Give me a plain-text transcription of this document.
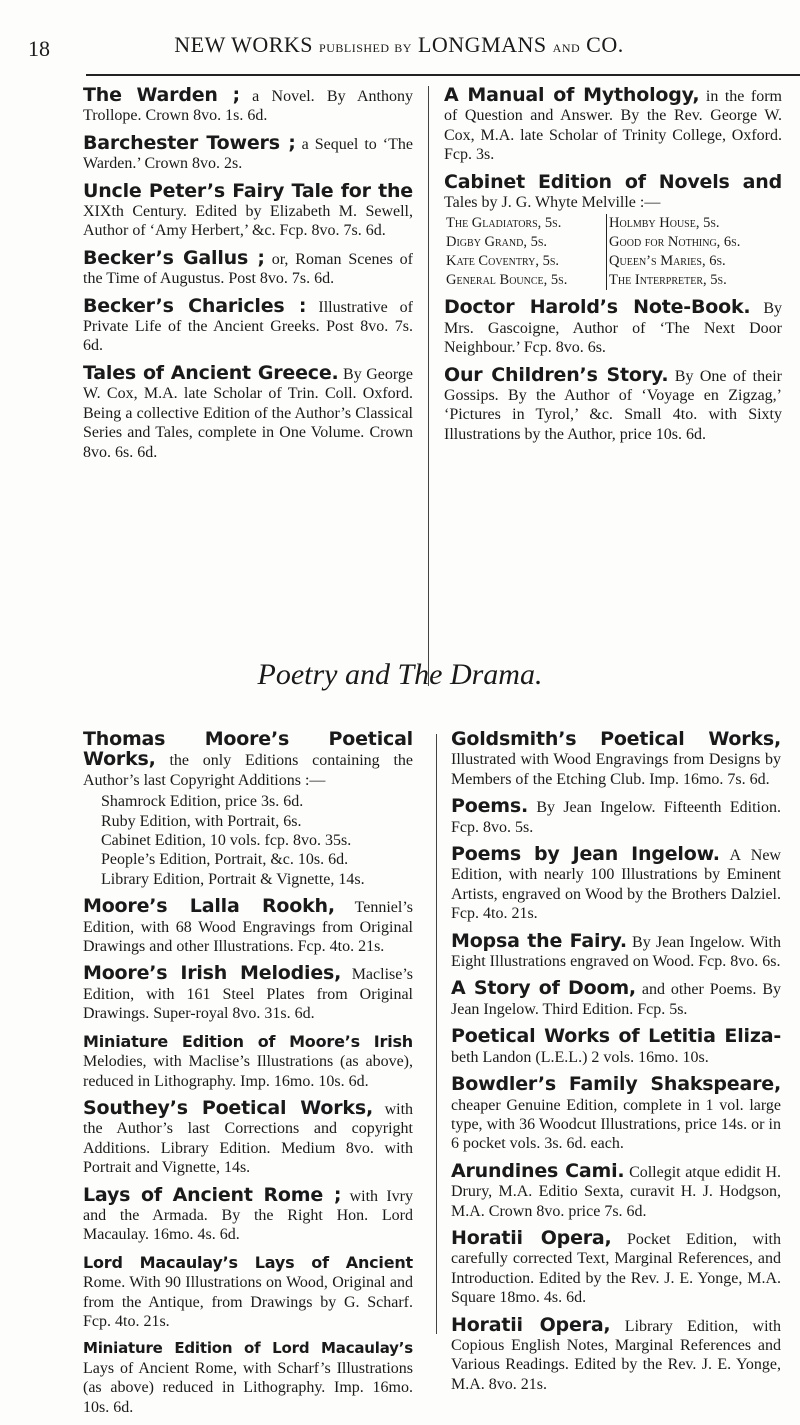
18	NEW WORKS published by LONGMANS and CO.

The Warden ; a Novel. By Anthony Trollope. Crown 8vo. 1s. 6d.

Barchester Towers ; a Sequel to ‘The Warden.’ Crown 8vo. 2s.

Uncle Peter’s Fairy Tale for the XIXth Century. Edited by Elizabeth M. Sewell, Author of ‘Amy Herbert,’ &c. Fcp. 8vo. 7s. 6d.

Becker’s Gallus ; or, Roman Scenes of the Time of Augustus. Post 8vo. 7s. 6d.

Becker’s Charicles : Illustrative of Private Life of the Ancient Greeks. Post 8vo. 7s. 6d.

Tales of Ancient Greece. By George W. Cox, M.A. late Scholar of Trin. Coll. Oxford. Being a collective Edition of the Author’s Classical Series and Tales, complete in One Volume. Crown 8vo. 6s. 6d.

A Manual of Mythology, in the form of Question and Answer. By the Rev. George W. Cox, M.A. late Scholar of Trinity College, Oxford. Fcp. 3s.

Cabinet Edition of Novels and Tales by J. G. Whyte Melville :—

The Gladiators, 5s.	Holmby House, 5s.
Digby Grand, 5s.	Good for Nothing, 6s.
Kate Coventry, 5s.	Queen’s Maries, 6s.
General Bounce, 5s.	The Interpreter, 5s.

Doctor Harold’s Note-Book. By Mrs. Gascoigne, Author of ‘The Next Door Neighbour.’ Fcp. 8vo. 6s.

Our Children’s Story. By One of their Gossips. By the Author of ‘Voyage en Zigzag,’ ‘Pictures in Tyrol,’ &c. Small 4to. with Sixty Illustrations by the Author, price 10s. 6d.

Poetry and The Drama.

Thomas Moore’s Poetical Works, the only Editions containing the Author’s last Copyright Additions :—

Shamrock Edition, price 3s. 6d.
Ruby Edition, with Portrait, 6s.
Cabinet Edition, 10 vols. fcp. 8vo. 35s.
People’s Edition, Portrait, &c. 10s. 6d.
Library Edition, Portrait & Vignette, 14s.

Moore’s Lalla Rookh, Tenniel’s Edition, with 68 Wood Engravings from Original Drawings and other Illustrations. Fcp. 4to. 21s.

Moore’s Irish Melodies, Maclise’s Edition, with 161 Steel Plates from Original Drawings. Super-royal 8vo. 31s. 6d.

Miniature Edition of Moore’s Irish Melodies, with Maclise’s Illustrations (as above), reduced in Lithography. Imp. 16mo. 10s. 6d.

Southey’s Poetical Works, with the Author’s last Corrections and copyright Additions. Library Edition. Medium 8vo. with Portrait and Vignette, 14s.

Lays of Ancient Rome ; with Ivry and the Armada. By the Right Hon. Lord Macaulay. 16mo. 4s. 6d.

Lord Macaulay’s Lays of Ancient Rome. With 90 Illustrations on Wood, Original and from the Antique, from Drawings by G. Scharf. Fcp. 4to. 21s.

Miniature Edition of Lord Macaulay’s Lays of Ancient Rome, with Scharf’s Illustrations (as above) reduced in Lithography. Imp. 16mo. 10s. 6d.

Goldsmith’s Poetical Works, Illustrated with Wood Engravings from Designs by Members of the Etching Club. Imp. 16mo. 7s. 6d.

Poems. By Jean Ingelow. Fifteenth Edition. Fcp. 8vo. 5s.

Poems by Jean Ingelow. A New Edition, with nearly 100 Illustrations by Eminent Artists, engraved on Wood by the Brothers Dalziel. Fcp. 4to. 21s.

Mopsa the Fairy. By Jean Ingelow. With Eight Illustrations engraved on Wood. Fcp. 8vo. 6s.

A Story of Doom, and other Poems. By Jean Ingelow. Third Edition. Fcp. 5s.

Poetical Works of Letitia Eliza- beth Landon (L.E.L.) 2 vols. 16mo. 10s.

Bowdler’s Family Shakspeare, cheaper Genuine Edition, complete in 1 vol. large type, with 36 Woodcut Illustrations, price 14s. or in 6 pocket vols. 3s. 6d. each.

Arundines Cami. Collegit atque edidit H. Drury, M.A. Editio Sexta, curavit H. J. Hodgson, M.A. Crown 8vo. price 7s. 6d.

Horatii Opera, Pocket Edition, with carefully corrected Text, Marginal References, and Introduction. Edited by the Rev. J. E. Yonge, M.A. Square 18mo. 4s. 6d.

Horatii Opera, Library Edition, with Copious English Notes, Marginal References and Various Readings. Edited by the Rev. J. E. Yonge, M.A. 8vo. 21s.
